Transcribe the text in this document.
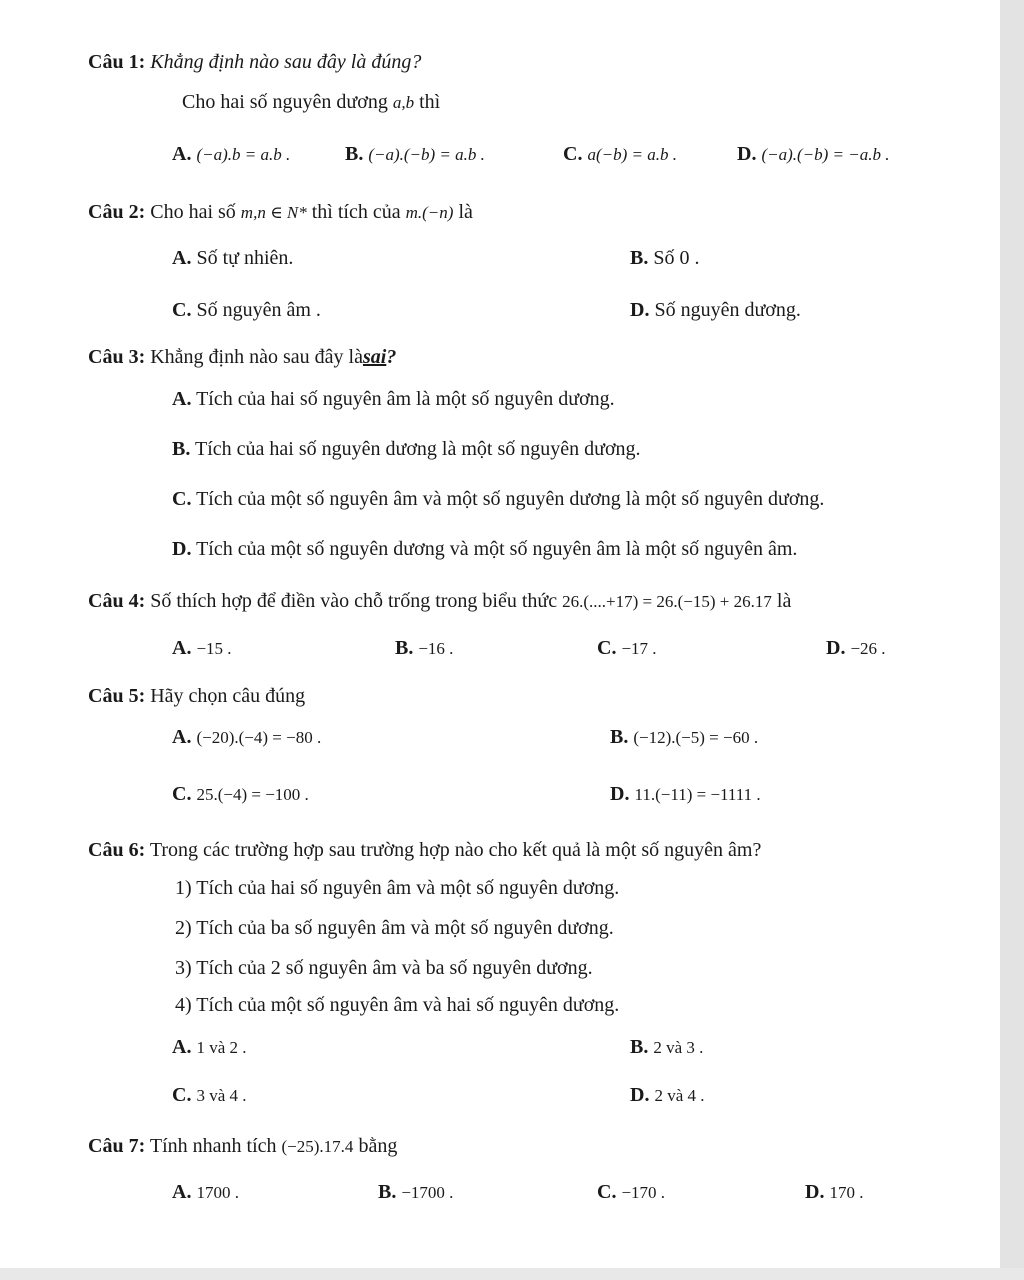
Câu 1: Khẳng định nào sau đây là đúng?
Cho hai số nguyên dương a,b thì
A. (−a).b = a.b .	B. (−a).(−b) = a.b .	C. a(−b) = a.b .	D. (−a).(−b) = −a.b .
Câu 2: Cho hai số m,n ∈ N* thì tích của m.(−n) là
A. Số tự nhiên.	B. Số 0 .
C. Số nguyên âm .	D. Số nguyên dương.
Câu 3: Khẳng định nào sau đây làsai?
A. Tích của hai số nguyên âm là một số nguyên dương.
B. Tích của hai số nguyên dương là một số nguyên dương.
C. Tích của một số nguyên âm và một số nguyên dương là một số nguyên dương.
D. Tích của một số nguyên dương và một số nguyên âm là một số nguyên âm.
Câu 4: Số thích hợp để điền vào chỗ trống trong biểu thức 26.(....+17) = 26.(−15) + 26.17 là
A. −15 .	B. −16 .	C. −17 .	D. −26 .
Câu 5: Hãy chọn câu đúng
A. (−20).(−4) = −80 .	B. (−12).(−5) = −60 .
C. 25.(−4) = −100 .	D. 11.(−11) = −1111 .
Câu 6: Trong các trường hợp sau trường hợp nào cho kết quả là một số nguyên âm?
1) Tích của hai số nguyên âm và một số nguyên dương.
2) Tích của ba số nguyên âm và một số nguyên dương.
3) Tích của 2 số nguyên âm và ba số nguyên dương.
4) Tích của một số nguyên âm và hai số nguyên dương.
A. 1 và 2 .	B. 2 và 3 .
C. 3 và 4 .	D. 2 và 4 .
Câu 7: Tính nhanh tích (−25).17.4 bằng
A. 1700 .	B. −1700 .	C. −170 .	D. 170 .
